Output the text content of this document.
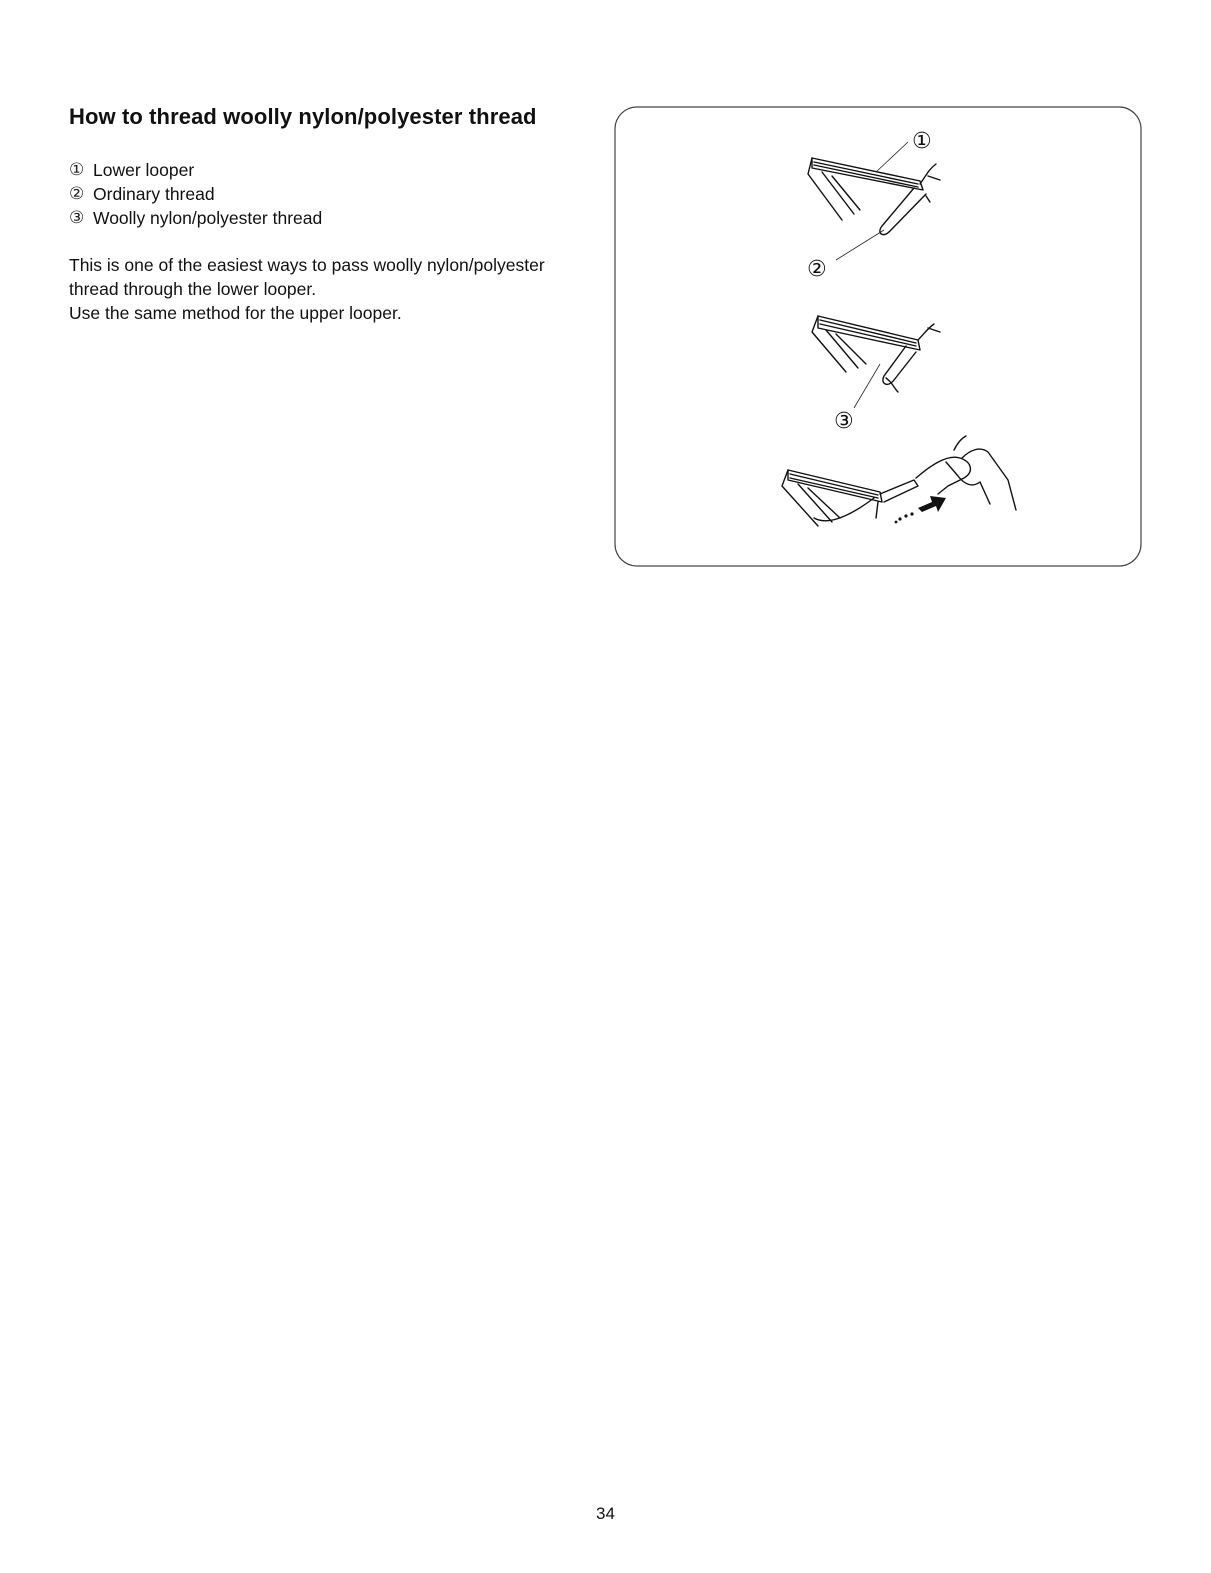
How to thread woolly nylon/polyester thread
① Lower looper
② Ordinary thread
③ Woolly nylon/polyester thread

This is one of the easiest ways to pass woolly nylon/polyester

thread through the lower looper.

Use the same method for the upper looper.

①
②
③
34
